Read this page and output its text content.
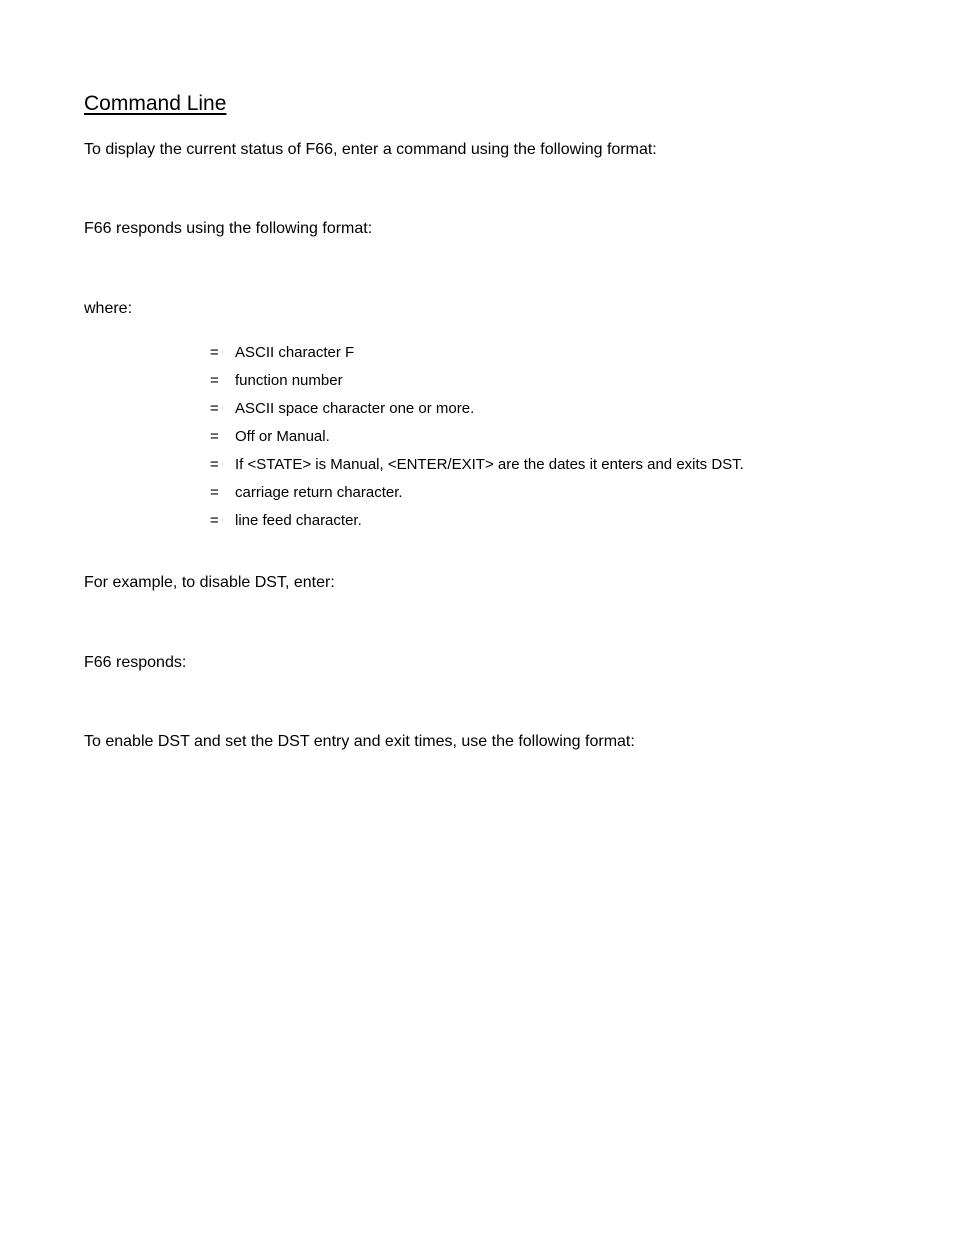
Command Line

To display the current status of F66, enter a command using the following format:

F66 responds using the following format:

where:

=	ASCII character F
=	function number
=	ASCII space character one or more.
=	Off or Manual.
=	If <STATE> is Manual, <ENTER/EXIT> are the dates it enters and exits DST.
=	carriage return character.
=	line feed character.

For example, to disable DST, enter:

F66 responds:

To enable DST and set the DST entry and exit times, use the following format:
